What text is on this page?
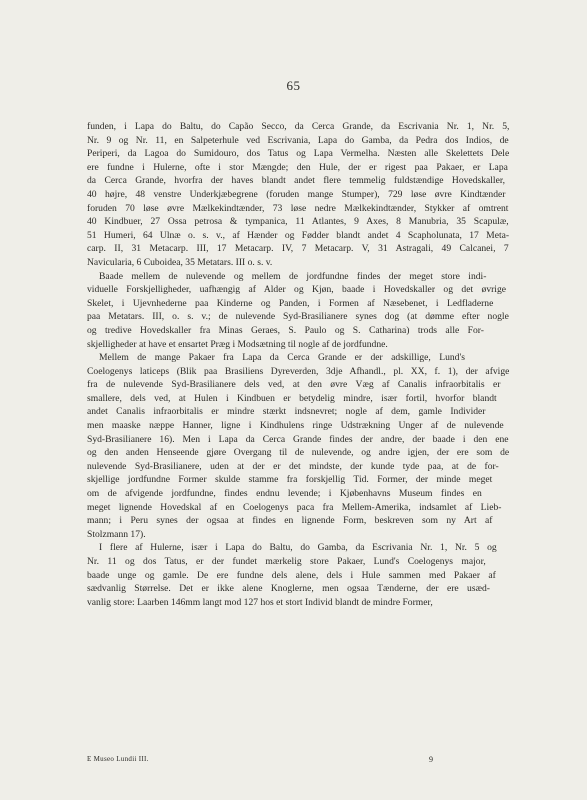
65
funden, i Lapa do Baltu, do Capão Secco, da Cerca Grande, da Escrivania Nr. 1, Nr. 5,
Nr. 9 og Nr. 11, en Salpeterhule ved Escrivania, Lapa do Gamba, da Pedra dos Indios, de
Periperi, da Lagoa do Sumidouro, dos Tatus og Lapa Vermelha. Næsten alle Skelettets Dele
ere fundne i Hulerne, ofte i stor Mængde; den Hule, der er rigest paa Pakaer, er Lapa
da Cerca Grande, hvorfra der haves blandt andet flere temmelig fuldstændige Hovedskaller,
40 højre, 48 venstre Underkjæbegrene (foruden mange Stumper), 729 løse øvre Kindtænder
foruden 70 løse øvre Mælkekindtænder, 73 løse nedre Mælkekindtænder, Stykker af omtrent
40 Kindbuer, 27 Ossa petrosa & tympanica, 11 Atlantes, 9 Axes, 8 Manubria, 35 Scapulæ,
51 Humeri, 64 Ulnæ o. s. v., af Hænder og Fødder blandt andet 4 Scapholunata, 17 Meta-
carp. II, 31 Metacarp. III, 17 Metacarp. IV, 7 Metacarp. V, 31 Astragali, 49 Calcanei, 7
Navicularia, 6 Cuboidea, 35 Metatars. III o. s. v.
Baade mellem de nulevende og mellem de jordfundne findes der meget store indi-
viduelle Forskjelligheder, uafhængig af Alder og Kjøn, baade i Hovedskaller og det øvrige
Skelet, i Ujevnhederne paa Kinderne og Panden, i Formen af Næsebenet, i Ledfladerne
paa Metatars. III, o. s. v.; de nulevende Syd-Brasilianere synes dog (at dømme efter nogle
og tredive Hovedskaller fra Minas Geraes, S. Paulo og S. Catharina) trods alle For-
skjelligheder at have et ensartet Præg i Modsætning til nogle af de jordfundne.
Mellem de mange Pakaer fra Lapa da Cerca Grande er der adskillige, Lund's
Coelogenys laticeps (Blik paa Brasiliens Dyreverden, 3dje Afhandl., pl. XX, f. 1), der afvige
fra de nulevende Syd-Brasilianere dels ved, at den øvre Væg af Canalis infraorbitalis er
smallere, dels ved, at Hulen i Kindbuen er betydelig mindre, især fortil, hvorfor blandt
andet Canalis infraorbitalis er mindre stærkt indsnevret; nogle af dem, gamle Individer
men maaske næppe Hanner, ligne i Kindhulens ringe Udstrækning Unger af de nulevende
Syd-Brasilianere 16). Men i Lapa da Cerca Grande findes der andre, der baade i den ene
og den anden Henseende gjøre Overgang til de nulevende, og andre igjen, der ere som de
nulevende Syd-Brasilianere, uden at der er det mindste, der kunde tyde paa, at de for-
skjellige jordfundne Former skulde stamme fra forskjellig Tid. Former, der minde meget
om de afvigende jordfundne, findes endnu levende; i Kjøbenhavns Museum findes en
meget lignende Hovedskal af en Coelogenys paca fra Mellem-Amerika, indsamlet af Lieb-
mann; i Peru synes der ogsaa at findes en lignende Form, beskreven som ny Art af
Stolzmann 17).
I flere af Hulerne, især i Lapa do Baltu, do Gamba, da Escrivania Nr. 1, Nr. 5 og
Nr. 11 og dos Tatus, er der fundet mærkelig store Pakaer, Lund's Coelogenys major,
baade unge og gamle. De ere fundne dels alene, dels i Hule sammen med Pakaer af
sædvanlig Størrelse. Det er ikke alene Knoglerne, men ogsaa Tænderne, der ere usæd-
vanlig store: Laarben 146mm langt mod 127 hos et stort Individ blandt de mindre Former,
E Museo Lundii III.	9
